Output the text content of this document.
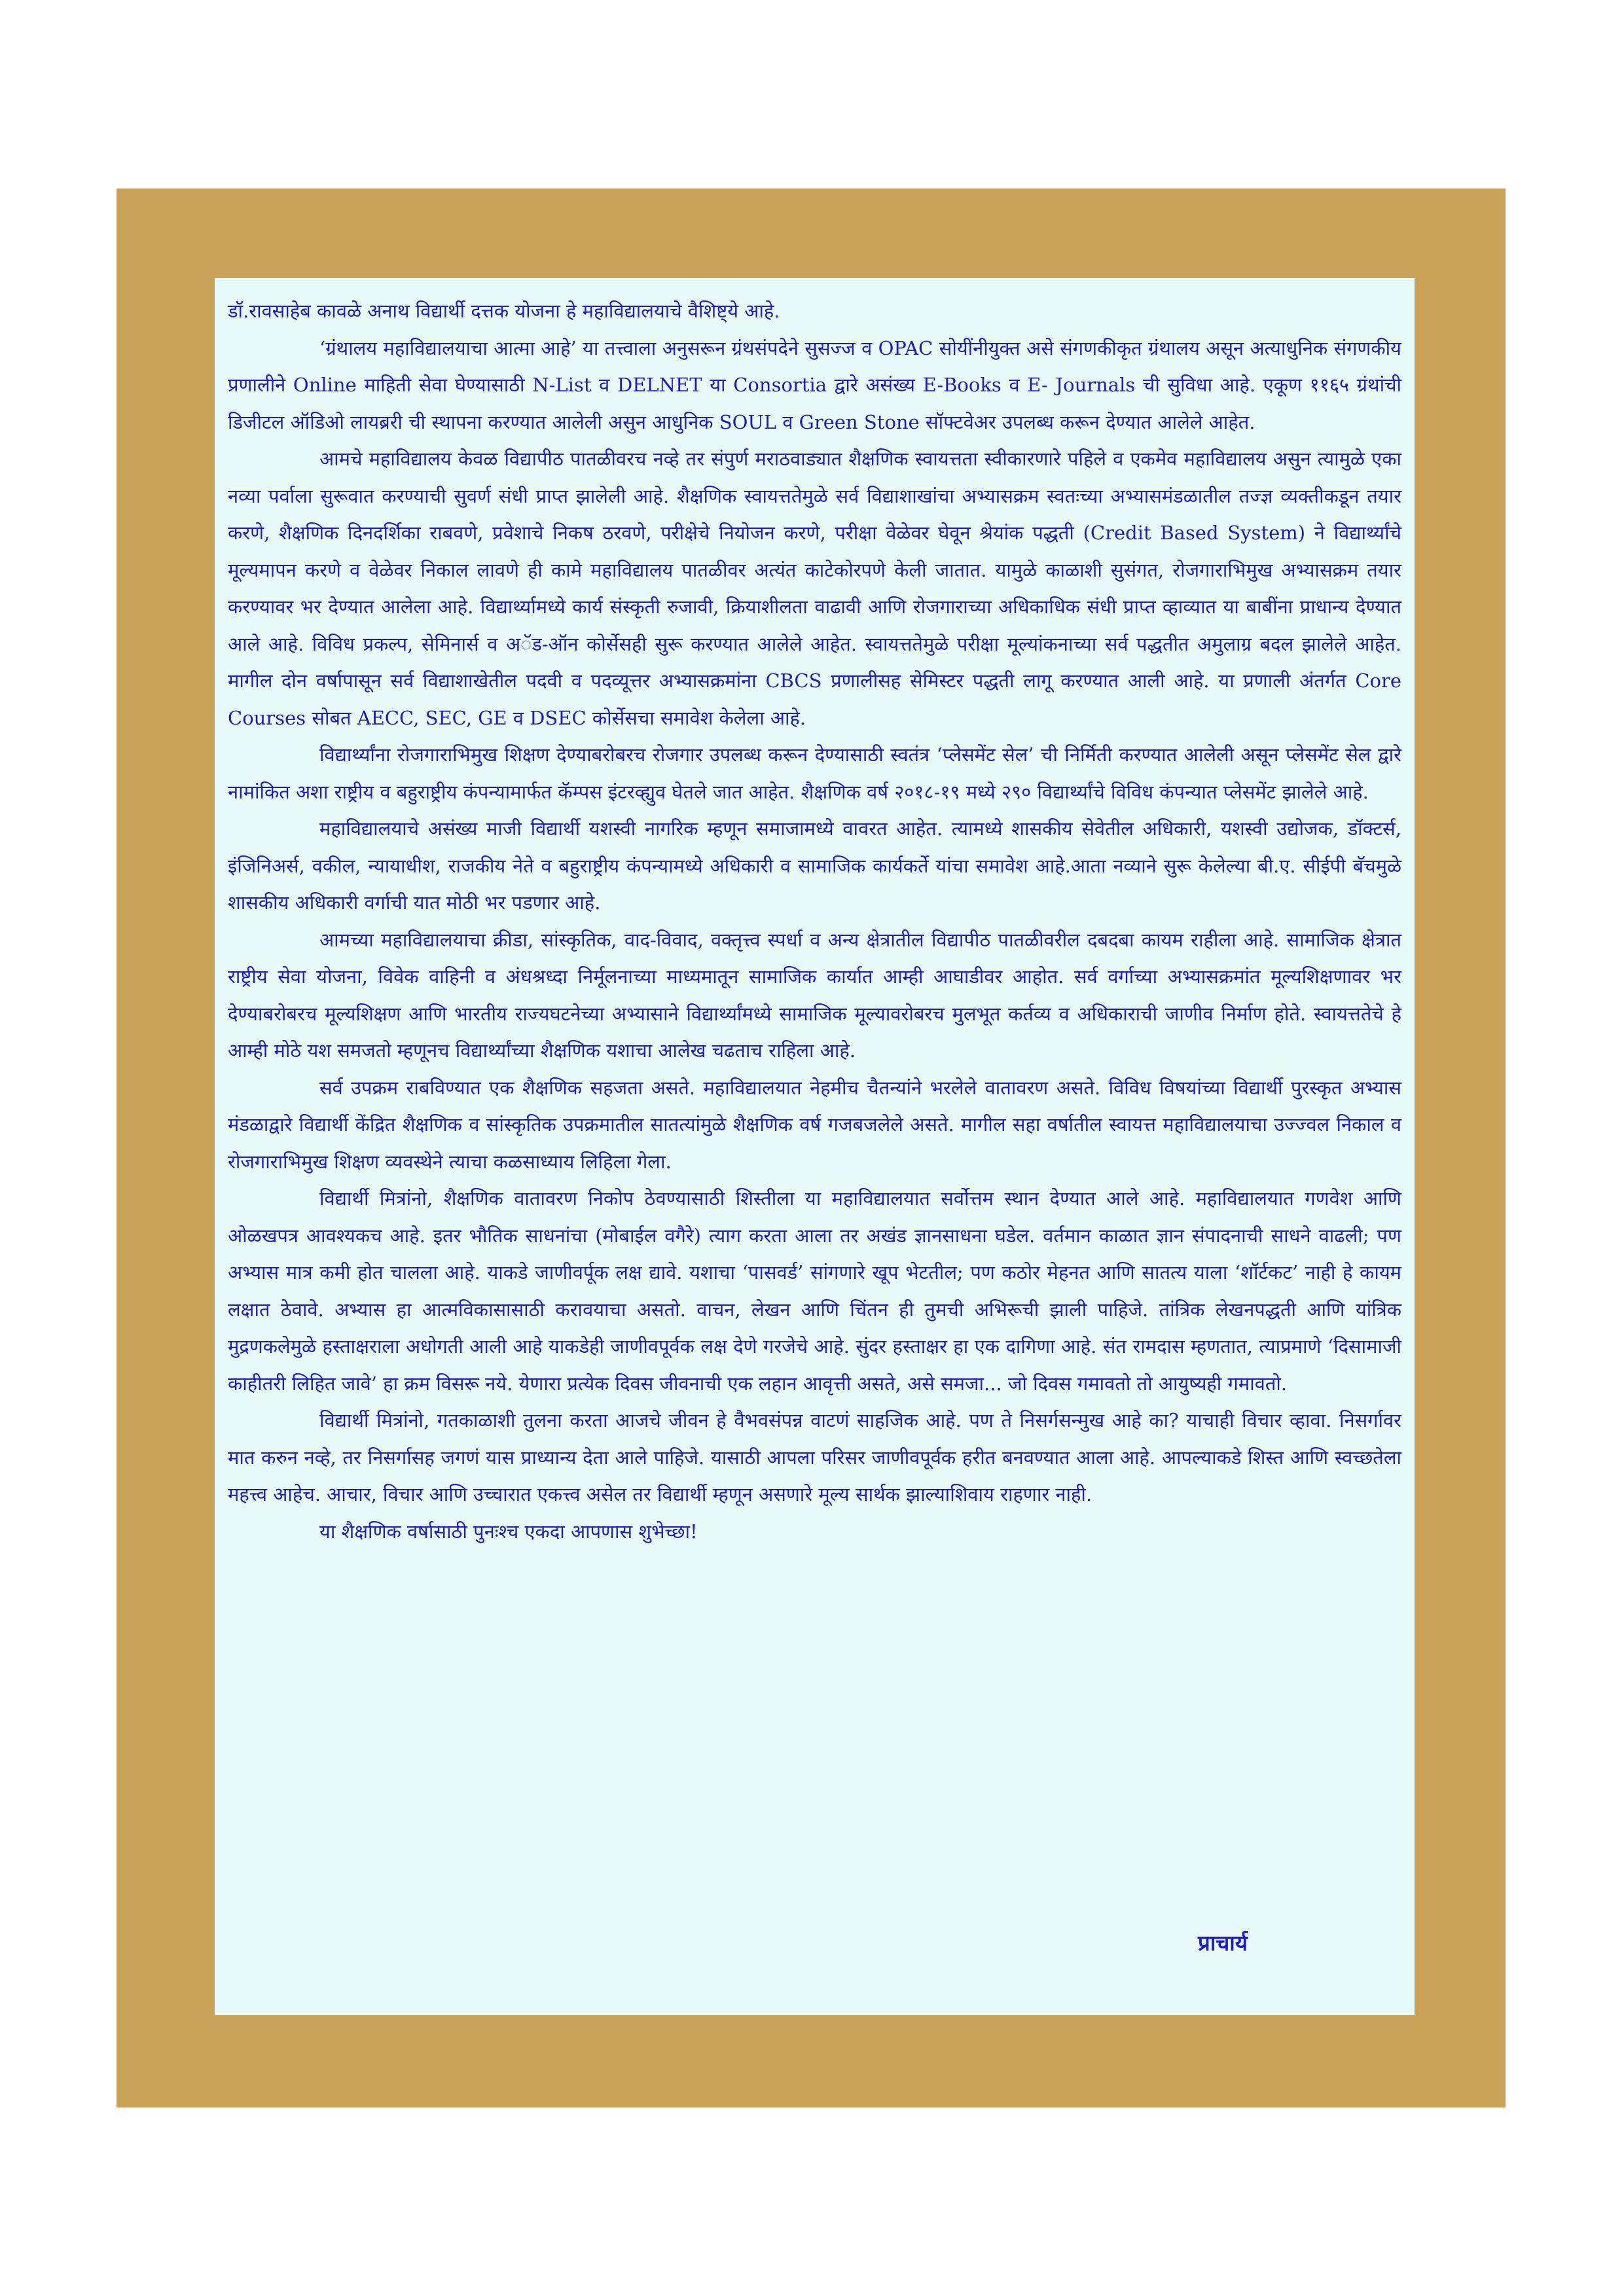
डॉ.रावसाहेब कावळे अनाथ विद्यार्थी दत्तक योजना हे महाविद्यालयाचे वैशिष्ट्ये आहे.

‘ग्रंथालय महाविद्यालयाचा आत्मा आहे’ या तत्त्वाला अनुसरून ग्रंथसंपदेने सुसज्ज व OPAC सोयींनीयुक्त असे संगणकीकृत ग्रंथालय असून अत्याधुनिक संगणकीय प्रणालीने Online माहिती सेवा घेण्यासाठी N-List व DELNET या Consortia द्वारे असंख्य E-Books व E- Journals ची सुविधा आहे. एकूण ११६५ ग्रंथांची डिजीटल ऑडिओ लायब्ररी ची स्थापना करण्यात आलेली असुन आधुनिक SOUL व Green Stone सॉफ्टवेअर उपलब्ध करून देण्यात आलेले आहेत.

आमचे महाविद्यालय केवळ विद्यापीठ पातळीवरच नव्हे तर संपुर्ण मराठवाड्यात शैक्षणिक स्वायत्तता स्वीकारणारे पहिले व एकमेव महाविद्यालय असुन त्यामुळे एका नव्या पर्वाला सुरूवात करण्याची सुवर्ण संधी प्राप्त झालेली आहे. शैक्षणिक स्वायत्ततेमुळे सर्व विद्याशाखांचा अभ्यासक्रम स्वतःच्या अभ्यासमंडळातील तज्ज्ञ व्यक्तीकडून तयार करणे, शैक्षणिक दिनदर्शिका राबवणे, प्रवेशाचे निकष ठरवणे, परीक्षेचे नियोजन करणे, परीक्षा वेळेवर घेवून श्रेयांक पद्धती (Credit Based System) ने विद्यार्थ्यांचे मूल्यमापन करणे व वेळेवर निकाल लावणे ही कामे महाविद्यालय पातळीवर अत्यंत काटेकोरपणे केली जातात. यामुळे काळाशी सुसंगत, रोजगाराभिमुख अभ्यासक्रम तयार करण्यावर भर देण्यात आलेला आहे. विद्यार्थ्यामध्ये कार्य संस्कृती रुजावी, क्रियाशीलता वाढावी आणि रोजगाराच्या अधिकाधिक संधी प्राप्त व्हाव्यात या बाबींना प्राधान्य देण्यात आले आहे. विविध प्रकल्प, सेमिनार्स व अॅड-ऑन कोर्सेसही सुरू करण्यात आलेले आहेत. स्वायत्ततेमुळे परीक्षा मूल्यांकनाच्या सर्व पद्धतीत अमुलाग्र बदल झालेले आहेत. मागील दोन वर्षापासून सर्व विद्याशाखेतील पदवी व पदव्यूत्तर अभ्यासक्रमांना CBCS प्रणालीसह सेमिस्टर पद्धती लागू करण्यात आली आहे. या प्रणाली अंतर्गत Core Courses सोबत AECC, SEC, GE व DSEC कोर्सेसचा समावेश केलेला आहे.

विद्यार्थ्यांना रोजगाराभिमुख शिक्षण देण्याबरोबरच रोजगार उपलब्ध करून देण्यासाठी स्वतंत्र ‘प्लेसमेंट सेल’ ची निर्मिती करण्यात आलेली असून प्लेसमेंट सेल द्वारे नामांकित अशा राष्ट्रीय व बहुराष्ट्रीय कंपन्यामार्फत कॅम्पस इंटरव्ह्युव घेतले जात आहेत. शैक्षणिक वर्ष २०१८-१९ मध्ये २९० विद्यार्थ्यांचे विविध कंपन्यात प्लेसमेंट झालेले आहे.

महाविद्यालयाचे असंख्य माजी विद्यार्थी यशस्वी नागरिक म्हणून समाजामध्ये वावरत आहेत. त्यामध्ये शासकीय सेवेतील अधिकारी, यशस्वी उद्योजक, डॉक्टर्स, इंजिनिअर्स, वकील, न्यायाधीश, राजकीय नेते व बहुराष्ट्रीय कंपन्यामध्ये अधिकारी व सामाजिक कार्यकर्ते यांचा समावेश आहे.आता नव्याने सुरू केलेल्या बी.ए. सीईपी बॅचमुळे शासकीय अधिकारी वर्गाची यात मोठी भर पडणार आहे.

आमच्या महाविद्यालयाचा क्रीडा, सांस्कृतिक, वाद-विवाद, वक्तृत्त्व स्पर्धा व अन्य क्षेत्रातील विद्यापीठ पातळीवरील दबदबा कायम राहीला आहे. सामाजिक क्षेत्रात राष्ट्रीय सेवा योजना, विवेक वाहिनी व अंधश्रध्दा निर्मूलनाच्या माध्यमातून सामाजिक कार्यात आम्ही आघाडीवर आहोत. सर्व वर्गाच्या अभ्यासक्रमांत मूल्यशिक्षणावर भर देण्याबरोबरच मूल्यशिक्षण आणि भारतीय राज्यघटनेच्या अभ्यासाने विद्यार्थ्यांमध्ये सामाजिक मूल्यावरोबरच मुलभूत कर्तव्य व अधिकाराची जाणीव निर्माण होते. स्वायत्ततेचे हे आम्ही मोठे यश समजतो म्हणूनच विद्यार्थ्यांच्या शैक्षणिक यशाचा आलेख चढताच राहिला आहे.

सर्व उपक्रम राबविण्यात एक शैक्षणिक सहजता असते. महाविद्यालयात नेहमीच चैतन्यांने भरलेले वातावरण असते. विविध विषयांच्या विद्यार्थी पुरस्कृत अभ्यास मंडळाद्वारे विद्यार्थी केंद्रित शैक्षणिक व सांस्कृतिक उपक्रमातील सातत्यांमुळे शैक्षणिक वर्ष गजबजलेले असते. मागील सहा वर्षातील स्वायत्त महाविद्यालयाचा उज्ज्वल निकाल व रोजगाराभिमुख शिक्षण व्यवस्थेने त्याचा कळसाध्याय लिहिला गेला.

विद्यार्थी मित्रांनो, शैक्षणिक वातावरण निकोप ठेवण्यासाठी शिस्तीला या महाविद्यालयात सर्वोत्तम स्थान देण्यात आले आहे. महाविद्यालयात गणवेश आणि ओळखपत्र आवश्यकच आहे. इतर भौतिक साधनांचा (मोबाईल वगैरे) त्याग करता आला तर अखंड ज्ञानसाधना घडेल. वर्तमान काळात ज्ञान संपादनाची साधने वाढली; पण अभ्यास मात्र कमी होत चालला आहे. याकडे जाणीवर्पूक लक्ष द्यावे. यशाचा ‘पासवर्ड’ सांगणारे खूप भेटतील; पण कठोर मेहनत आणि सातत्य याला ‘शॉर्टकट’ नाही हे कायम लक्षात ठेवावे. अभ्यास हा आत्मविकासासाठी करावयाचा असतो. वाचन, लेखन आणि चिंतन ही तुमची अभिरूची झाली पाहिजे. तांत्रिक लेखनपद्धती आणि यांत्रिक मुद्रणकलेमुळे हस्ताक्षराला अधोगती आली आहे याकडेही जाणीवपूर्वक लक्ष देणे गरजेचे आहे. सुंदर हस्ताक्षर हा एक दागिणा आहे. संत रामदास म्हणतात, त्याप्रमाणे ‘दिसामाजी काहीतरी लिहित जावे’ हा क्रम विसरू नये. येणारा प्रत्येक दिवस जीवनाची एक लहान आवृत्ती असते, असे समजा... जो दिवस गमावतो तो आयुष्यही गमावतो.

विद्यार्थी मित्रांनो, गतकाळाशी तुलना करता आजचे जीवन हे वैभवसंपन्न वाटणं साहजिक आहे. पण ते निसर्गसन्मुख आहे का? याचाही विचार व्हावा. निसर्गावर मात करुन नव्हे, तर निसर्गासह जगणं यास प्राध्यान्य देता आले पाहिजे. यासाठी आपला परिसर जाणीवपूर्वक हरीत बनवण्यात आला आहे. आपल्याकडे शिस्त आणि स्वच्छतेला महत्त्व आहेच. आचार, विचार आणि उच्चारात एकत्त्व असेल तर विद्यार्थी म्हणून असणारे मूल्य सार्थक झाल्याशिवाय राहणार नाही.

या शैक्षणिक वर्षासाठी पुनःश्च एकदा आपणास शुभेच्छा!

प्राचार्य
